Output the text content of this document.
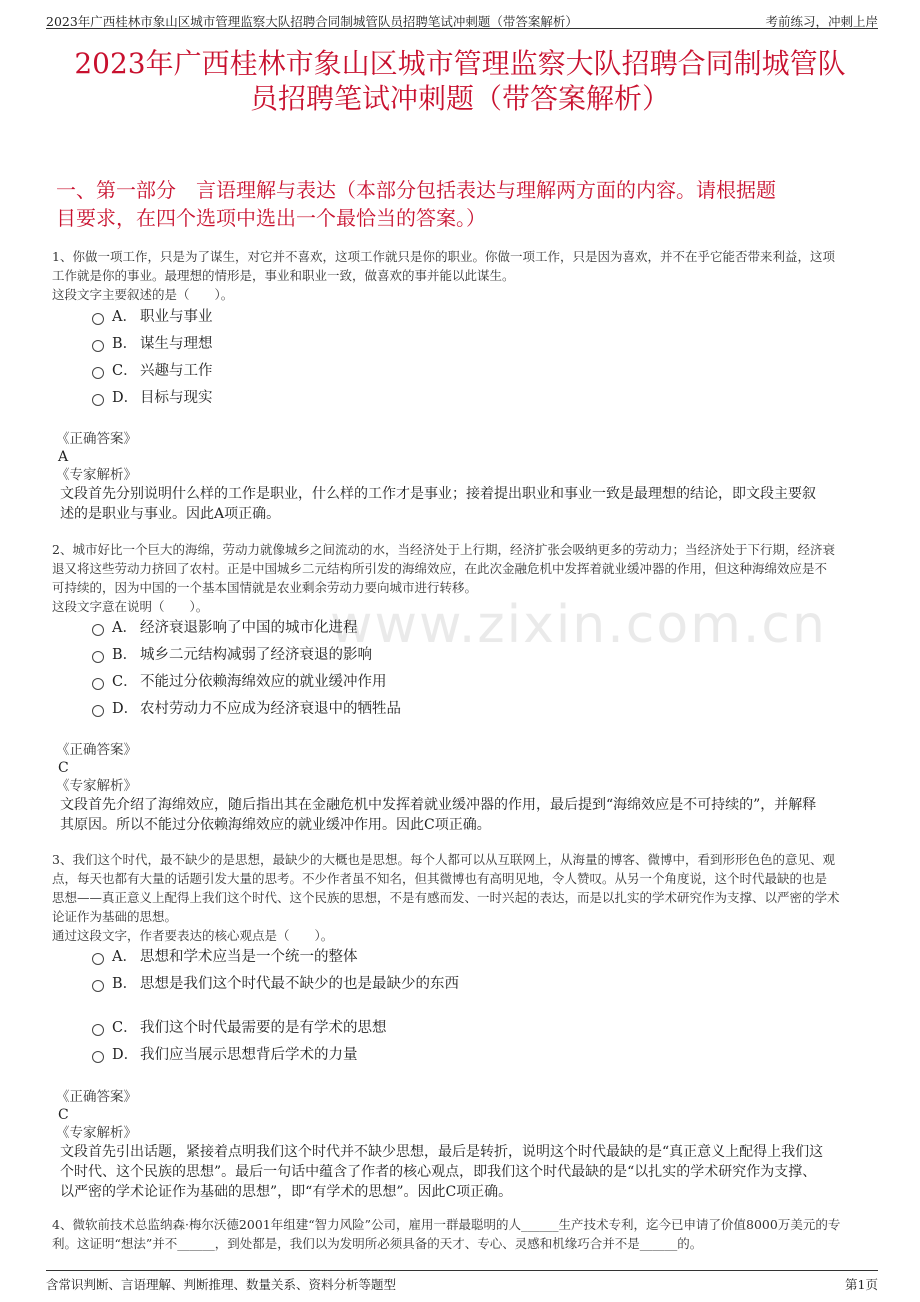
2023年广西桂林市象山区城市管理监察大队招聘合同制城管队员招聘笔试冲刺题（带答案解析）	考前练习，冲刺上岸
2023年广西桂林市象山区城市管理监察大队招聘合同制城管队
员招聘笔试冲刺题（带答案解析）
一、第一部分　言语理解与表达（本部分包括表达与理解两方面的内容。请根据题
目要求，在四个选项中选出一个最恰当的答案。）
www.zixin.com.cn
1、你做一项工作，只是为了谋生，对它并不喜欢，这项工作就只是你的职业。你做一项工作，只是因为喜欢，并不在乎它能否带来利益，这项
工作就是你的事业。最理想的情形是，事业和职业一致，做喜欢的事并能以此谋生。
这段文字主要叙述的是（　　）。
A． 职业与事业
B． 谋生与理想
C． 兴趣与工作
D． 目标与现实
《正确答案》
A
《专家解析》
文段首先分别说明什么样的工作是职业，什么样的工作才是事业；接着提出职业和事业一致是最理想的结论，即文段主要叙
述的是职业与事业。因此A项正确。
2、城市好比一个巨大的海绵，劳动力就像城乡之间流动的水，当经济处于上行期，经济扩张会吸纳更多的劳动力；当经济处于下行期，经济衰
退又将这些劳动力挤回了农村。正是中国城乡二元结构所引发的海绵效应，在此次金融危机中发挥着就业缓冲器的作用，但这种海绵效应是不
可持续的，因为中国的一个基本国情就是农业剩余劳动力要向城市进行转移。
这段文字意在说明（　　）。
A． 经济衰退影响了中国的城市化进程
B． 城乡二元结构减弱了经济衰退的影响
C． 不能过分依赖海绵效应的就业缓冲作用
D． 农村劳动力不应成为经济衰退中的牺牲品
《正确答案》
C
《专家解析》
文段首先介绍了海绵效应，随后指出其在金融危机中发挥着就业缓冲器的作用，最后提到“海绵效应是不可持续的”，并解释
其原因。所以不能过分依赖海绵效应的就业缓冲作用。因此C项正确。
3、我们这个时代，最不缺少的是思想，最缺少的大概也是思想。每个人都可以从互联网上，从海量的博客、微博中，看到形形色色的意见、观
点，每天也都有大量的话题引发大量的思考。不少作者虽不知名，但其微博也有高明见地，令人赞叹。从另一个角度说，这个时代最缺的也是
思想——真正意义上配得上我们这个时代、这个民族的思想，不是有感而发、一时兴起的表达，而是以扎实的学术研究作为支撑、以严密的学术
论证作为基础的思想。
通过这段文字，作者要表达的核心观点是（　　）。
A． 思想和学术应当是一个统一的整体
B． 思想是我们这个时代最不缺少的也是最缺少的东西
C． 我们这个时代最需要的是有学术的思想
D． 我们应当展示思想背后学术的力量
《正确答案》
C
《专家解析》
文段首先引出话题，紧接着点明我们这个时代并不缺少思想，最后是转折，说明这个时代最缺的是“真正意义上配得上我们这
个时代、这个民族的思想”。最后一句话中蕴含了作者的核心观点，即我们这个时代最缺的是“以扎实的学术研究作为支撑、
以严密的学术论证作为基础的思想”，即“有学术的思想”。因此C项正确。
4、微软前技术总监纳森·梅尔沃德2001年组建“智力风险”公司，雇用一群最聪明的人______生产技术专利，迄今已申请了价值8000万美元的专
利。这证明“想法”并不______，到处都是，我们以为发明所必须具备的天才、专心、灵感和机缘巧合并不是______的。
含常识判断、言语理解、判断推理、数量关系、资料分析等题型	第1页
